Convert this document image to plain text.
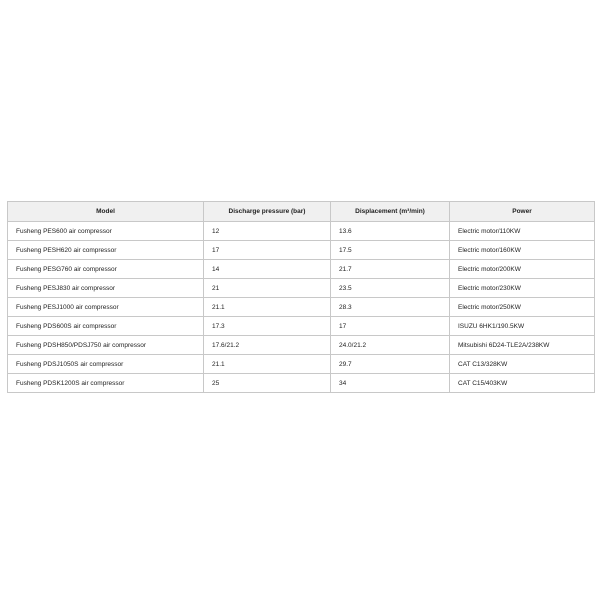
Model	Discharge pressure (bar)	Displacement (m³/min)	Power
Fusheng PES600 air compressor	12	13.6	Electric motor/110KW
Fusheng PESH620 air compressor	17	17.5	Electric motor/160KW
Fusheng PESG760 air compressor	14	21.7	Electric motor/200KW
Fusheng PESJ830 air compressor	21	23.5	Electric motor/230KW
Fusheng PESJ1000 air compressor	21.1	28.3	Electric motor/250KW
Fusheng PDS600S air compressor	17.3	17	ISUZU 6HK1/190.5KW
Fusheng PDSH850/PDSJ750 air compressor	17.6/21.2	24.0/21.2	Mitsubishi 6D24-TLE2A/238KW
Fusheng PDSJ1050S air compressor	21.1	29.7	CAT C13/328KW
Fusheng PDSK1200S air compressor	25	34	CAT C15/403KW
